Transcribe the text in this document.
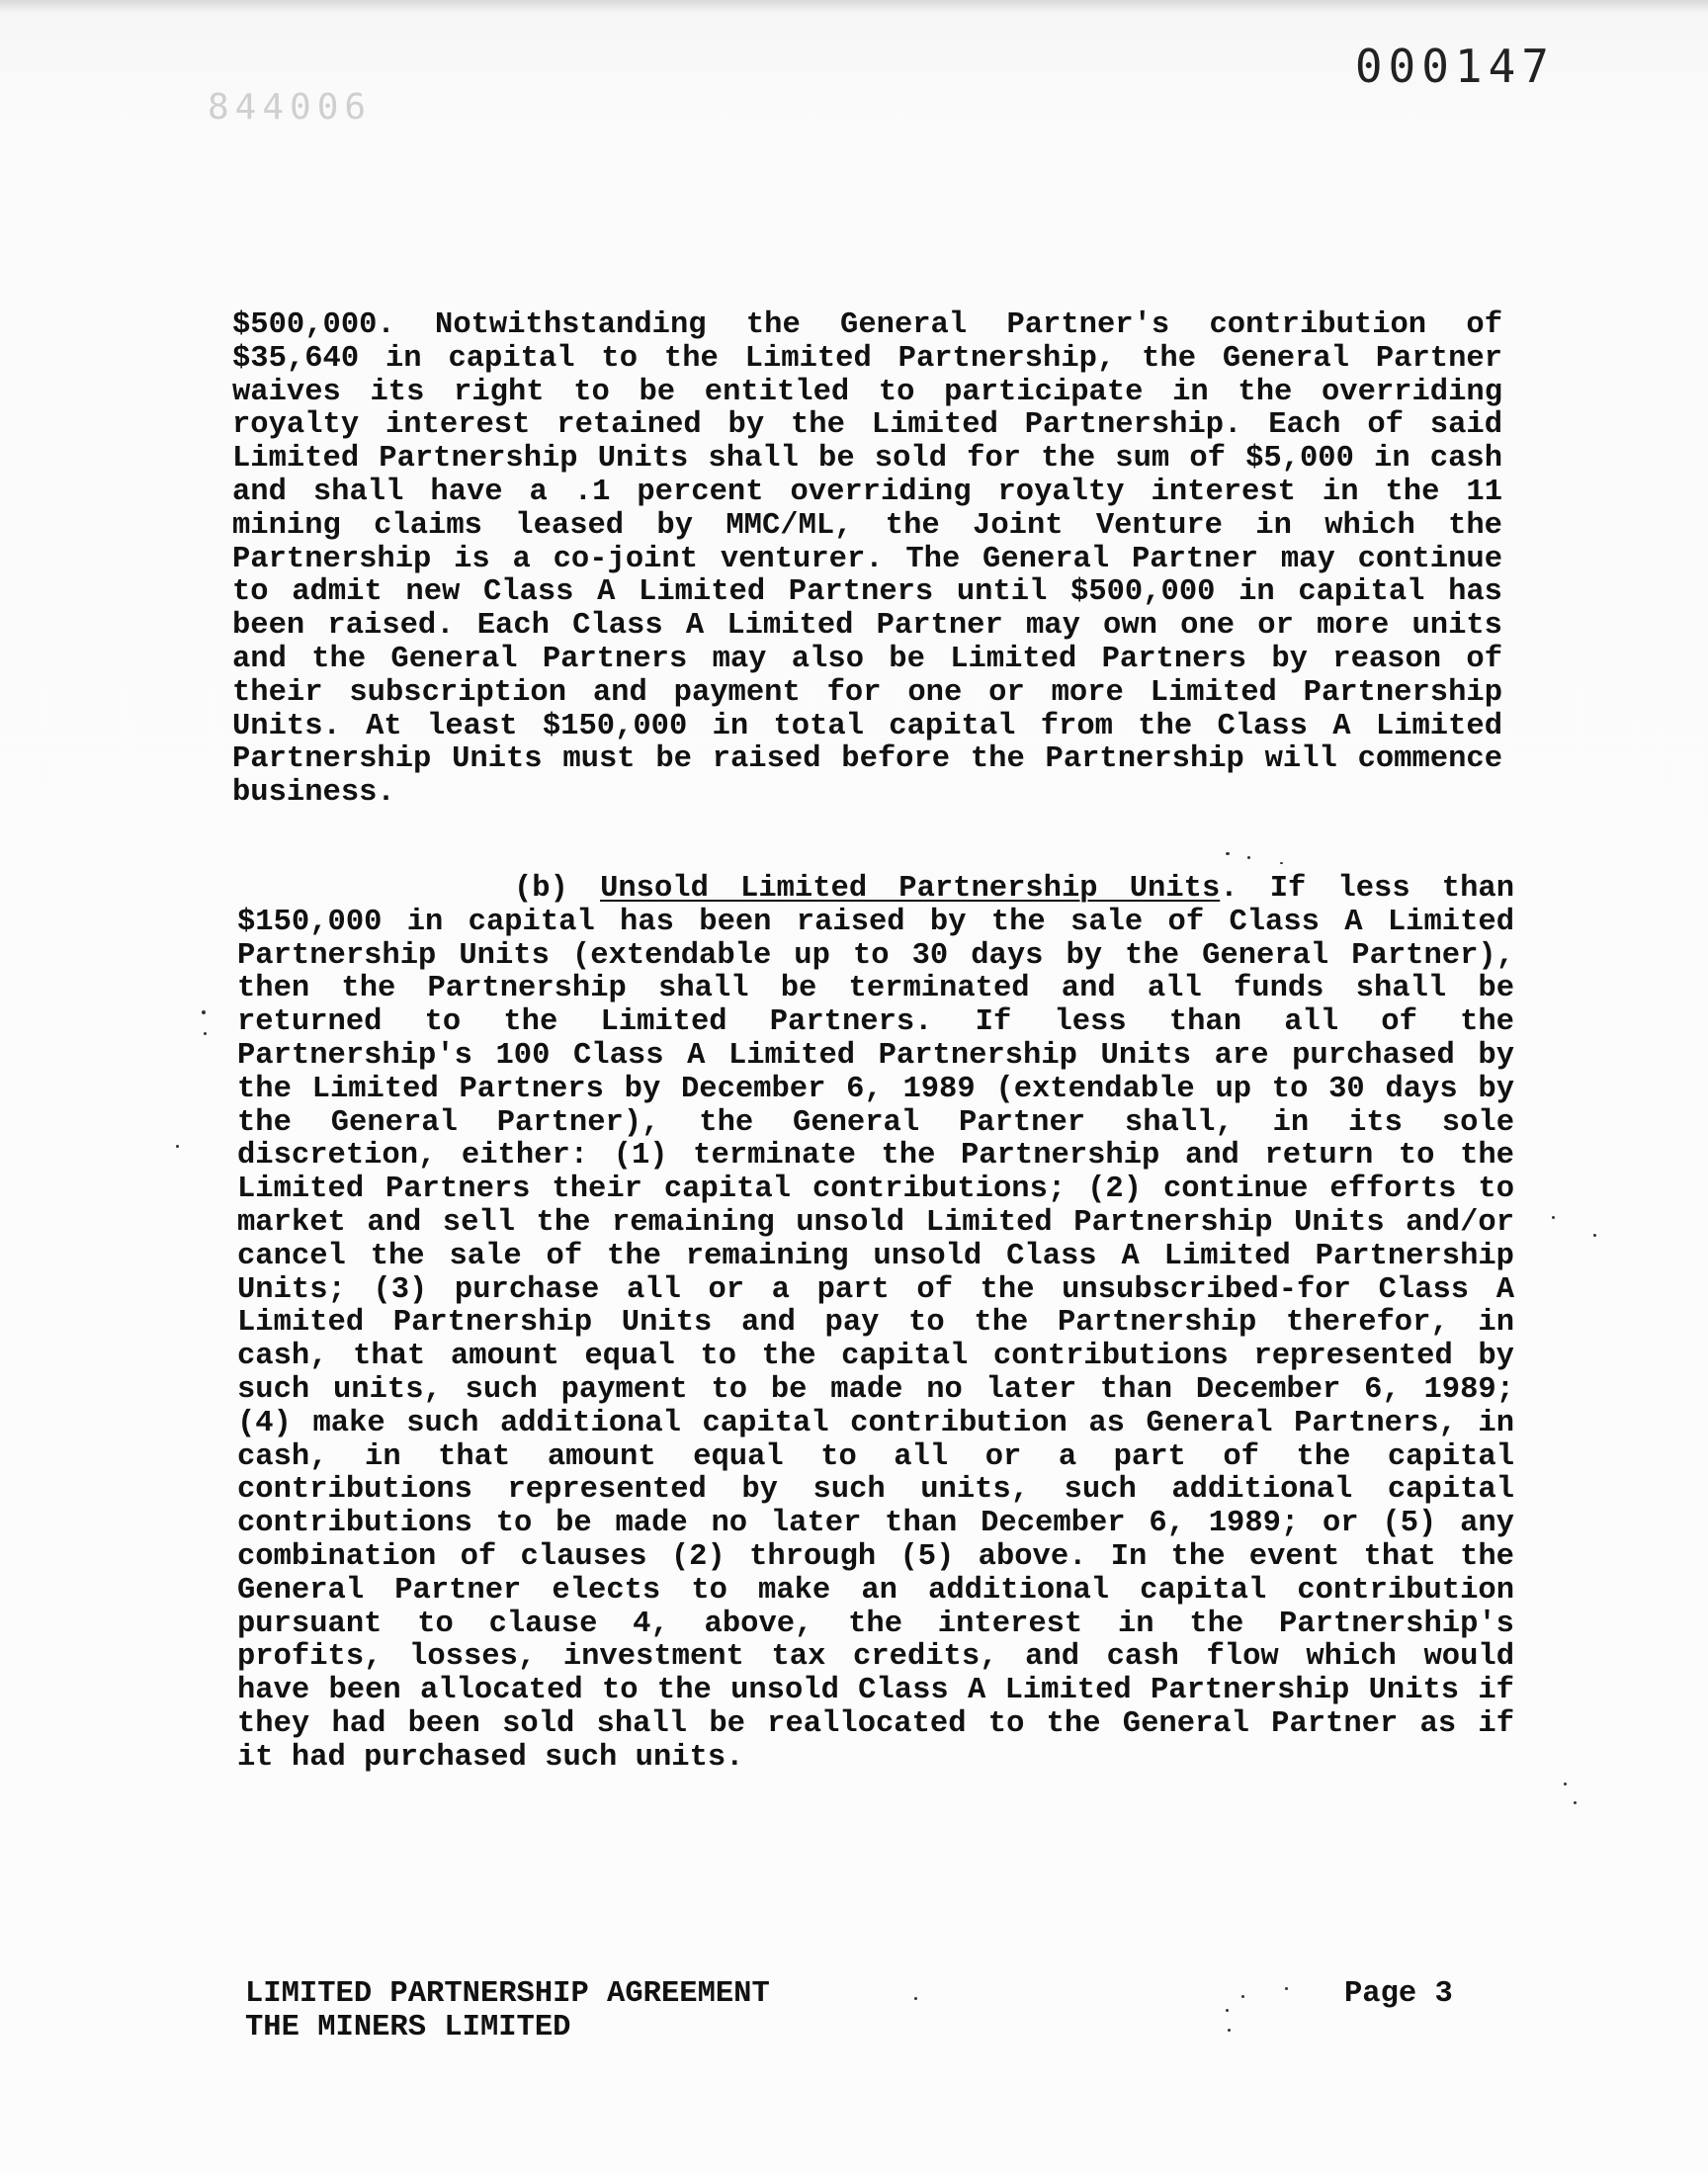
844006
000147

$500,000. Notwithstanding the General Partner's contribution of $35,640 in capital to the Limited Partnership, the General Partner waives its right to be entitled to participate in the overriding royalty interest retained by the Limited Partnership. Each of said Limited Partnership Units shall be sold for the sum of $5,000 in cash and shall have a .1 percent overriding royalty interest in the 11 mining claims leased by MMC/ML, the Joint Venture in which the Partnership is a co-joint venturer. The General Partner may continue to admit new Class A Limited Partners until $500,000 in capital has been raised. Each Class A Limited Partner may own one or more units and the General Partners may also be Limited Partners by reason of their subscription and payment for one or more Limited Partnership Units. At least $150,000 in total capital from the Class A Limited Partnership Units must be raised before the Partnership will commence business.

(b) Unsold Limited Partnership Units. If less than $150,000 in capital has been raised by the sale of Class A Limited Partnership Units (extendable up to 30 days by the General Partner), then the Partnership shall be terminated and all funds shall be returned to the Limited Partners. If less than all of the Partnership's 100 Class A Limited Partnership Units are purchased by the Limited Partners by December 6, 1989 (extendable up to 30 days by the General Partner), the General Partner shall, in its sole discretion, either: (1) terminate the Partnership and return to the Limited Partners their capital contributions; (2) continue efforts to market and sell the remaining unsold Limited Partnership Units and/or cancel the sale of the remaining unsold Class A Limited Partnership Units; (3) purchase all or a part of the unsubscribed-for Class A Limited Partnership Units and pay to the Partnership therefor, in cash, that amount equal to the capital contributions represented by such units, such payment to be made no later than December 6, 1989; (4) make such additional capital contribution as General Partners, in cash, in that amount equal to all or a part of the capital contributions represented by such units, such additional capital contributions to be made no later than December 6, 1989; or (5) any combination of clauses (2) through (5) above. In the event that the General Partner elects to make an additional capital contribution pursuant to clause 4, above, the interest in the Partnership's profits, losses, investment tax credits, and cash flow which would have been allocated to the unsold Class A Limited Partnership Units if they had been sold shall be reallocated to the General Partner as if it had purchased such units.

LIMITED PARTNERSHIP AGREEMENT
THE MINERS LIMITED
Page 3
